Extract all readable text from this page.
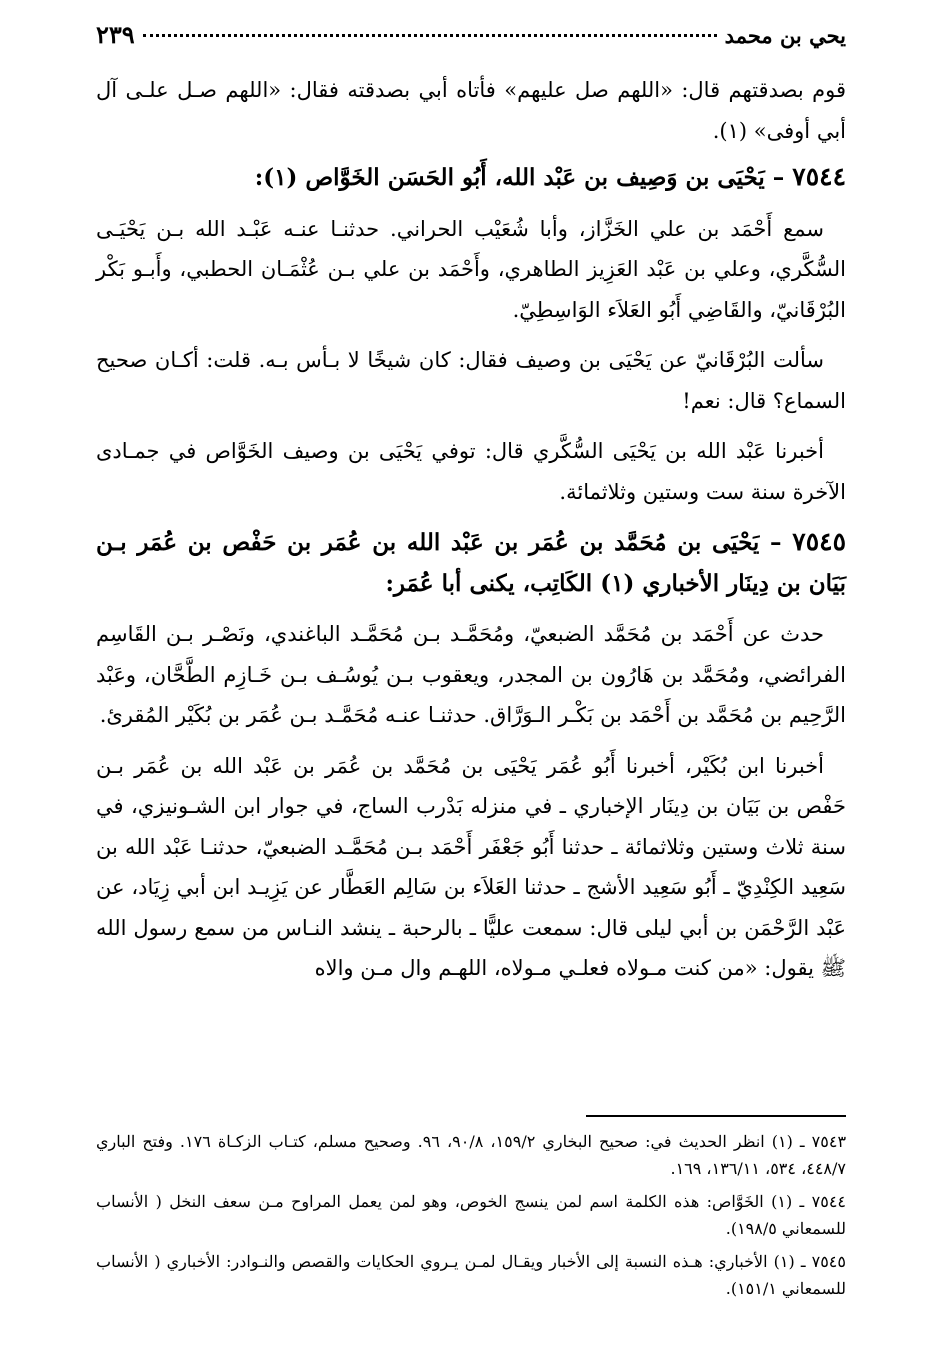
يحي بن محمد
٢٣٩

قوم بصدقتهم قال: «اللهم صل عليهم» فأتاه أبي بصدقته فقال: «اللهم صـل علـى آل أبي أوفى» (١).

٧٥٤٤ – يَحْيَى بن وَصِيف بن عَبْد الله، أَبُو الحَسَن الخَوَّاص (١):

سمع أَحْمَد بن علي الخَزَّاز، وأبا شُعَيْب الحراني. حدثنـا عنـه عَبْـد الله بـن يَحْيَـى السُّكَّري، وعلي بن عَبْد العَزِيز الطاهري، وأَحْمَد بن علي بـن عُثْمَـان الحطبي، وأَبـو بَكْر البُرْقَانيّ، والقَاضِي أَبُو العَلاَء الوَاسِطِيّ.

سألت البُرْقَانيّ عن يَحْيَى بن وصيف فقال: كان شيخًا لا بـأس بـه. قلت: أكـان صحيح السماع؟ قال: نعم!

أخبرنا عَبْد الله بن يَحْيَى السُّكَّري قال: توفي يَحْيَى بن وصيف الخَوَّاص في جمـادى الآخرة سنة ست وستين وثلاثمائة.

٧٥٤٥ – يَحْيَى بن مُحَمَّد بن عُمَر بن عَبْد الله بن عُمَر بن حَفْص بن عُمَر بـن بَيَان بن دِينَار الأخباري (١) الكَاتِب، يكنى أبا عُمَر:

حدث عن أَحْمَد بن مُحَمَّد الضبعيّ، ومُحَمَّـد بـن مُحَمَّـد الباغندي، ونَصْـر بـن القَاسِم الفرائضي، ومُحَمَّد بن هَارُون بن المجدر، ويعقوب بـن يُوسُـف بـن خَـازِم الطَّحَّان، وعَبْد الرَّحِيم بن مُحَمَّد بن أَحْمَد بن بَكْـر الـوَرَّاق. حدثنـا عنـه مُحَمَّـد بـن عُمَر بن بُكَيْر المُقرئ.

أخبرنا ابن بُكَيْر، أخبرنا أَبُو عُمَر يَحْيَى بن مُحَمَّد بن عُمَر بن عَبْد الله بن عُمَر بـن حَفْص بن بَيَان بن دِينَار الإخباري ـ في منزله بَدْرب الساج، في جوار ابن الشـونيزي، في سنة ثلاث وستين وثلاثمائة ـ حدثنا أَبُو جَعْفَر أَحْمَد بـن مُحَمَّـد الضبعيّ، حدثنـا عَبْد الله بن سَعِيد الكِنْدِيّ ـ أَبُو سَعِيد الأشج ـ حدثنا العَلاَء بن سَالِم العَطَّار عن يَزِيـد ابن أبي زِيَاد، عن عَبْد الرَّحْمَن بن أبي ليلى قال: سمعت عليًّا ـ بالرحبة ـ ينشد النـاس من سمع رسول الله ﷺ يقول: «من كنت مـولاه فعلـي مـولاه، اللهـم وال مـن والاه

٧٥٤٣ ـ (١) انظر الحديث في: صحيح البخاري ١٥٩/٢، ٩٠/٨، ٩٦. وصحيح مسلم، كتـاب الزكـاة ١٧٦. وفتح الباري ٤٤٨/٧، ٥٣٤، ١٣٦/١١، ١٦٩.

٧٥٤٤ ـ (١) الخَوَّاص: هذه الكلمة اسم لمن ينسج الخوص، وهو لمن يعمل المراوح مـن سعف النخل ( الأنساب للسمعاني ١٩٨/٥).

٧٥٤٥ ـ (١) الأخباري: هـذه النسبة إلى الأخبار ويقـال لمـن يـروي الحكايات والقصص والنـوادر: الأخباري ( الأنساب للسمعاني ١٥١/١).
